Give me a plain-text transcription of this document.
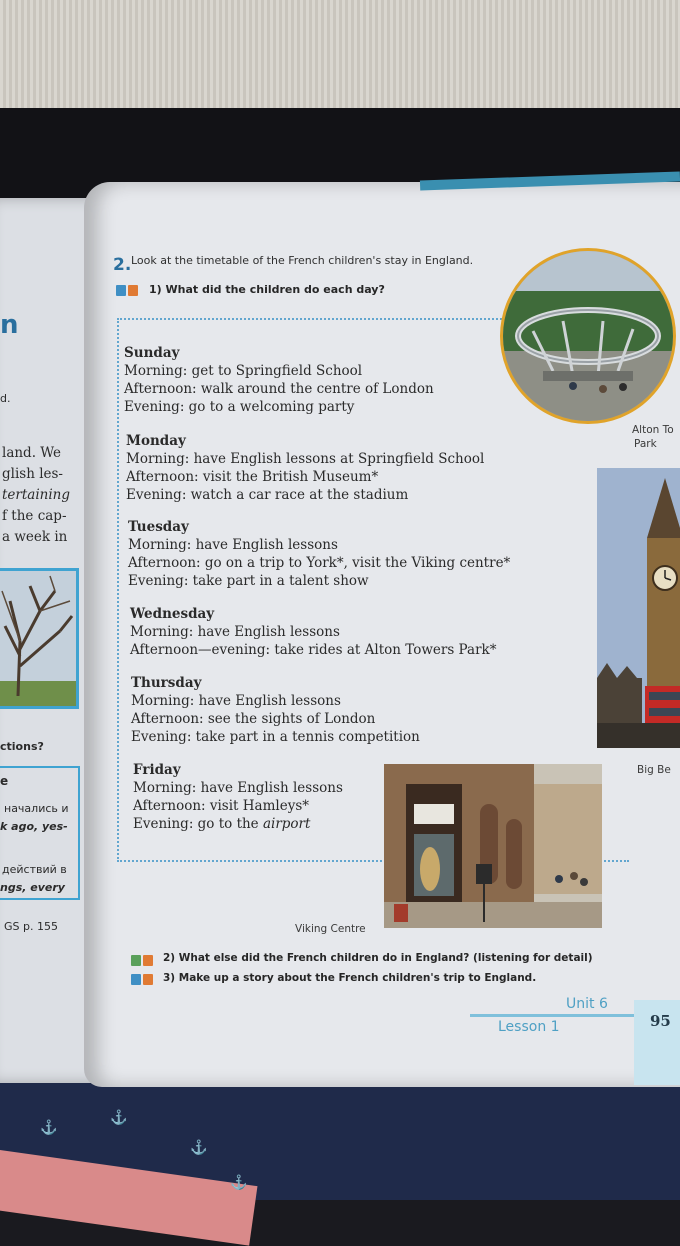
⚓
⚓
⚓
⚓
n
d.
land. We
glish les-
tertaining
f the cap-
a week in
ctions?
e
начались и
k ago, yes-
действий в
ngs, every
GS p. 155
2. Look at the timetable of the French children's stay in England.
1) What did the children do each day?
Sunday
Morning: get to Springfield School
Afternoon: walk around the centre of London
Evening: go to a welcoming party
Monday
Morning: have English lessons at Springfield School
Afternoon: visit the British Museum*
Evening: watch a car race at the stadium
Tuesday
Morning: have English lessons
Afternoon: go on a trip to York*, visit the Viking centre*
Evening: take part in a talent show
Wednesday
Morning: have English lessons
Afternoon—evening: take rides at Alton Towers Park*
Thursday
Morning: have English lessons
Afternoon: see the sights of London
Evening: take part in a tennis competition
Friday
Morning: have English lessons
Afternoon: visit Hamleys*
Evening: go to the airport
Alton To
Park
Big Be
Viking Centre
2) What else did the French children do in England? (listening for detail)
3) Make up a story about the French children's trip to England.
Unit 6
Lesson 1	95
